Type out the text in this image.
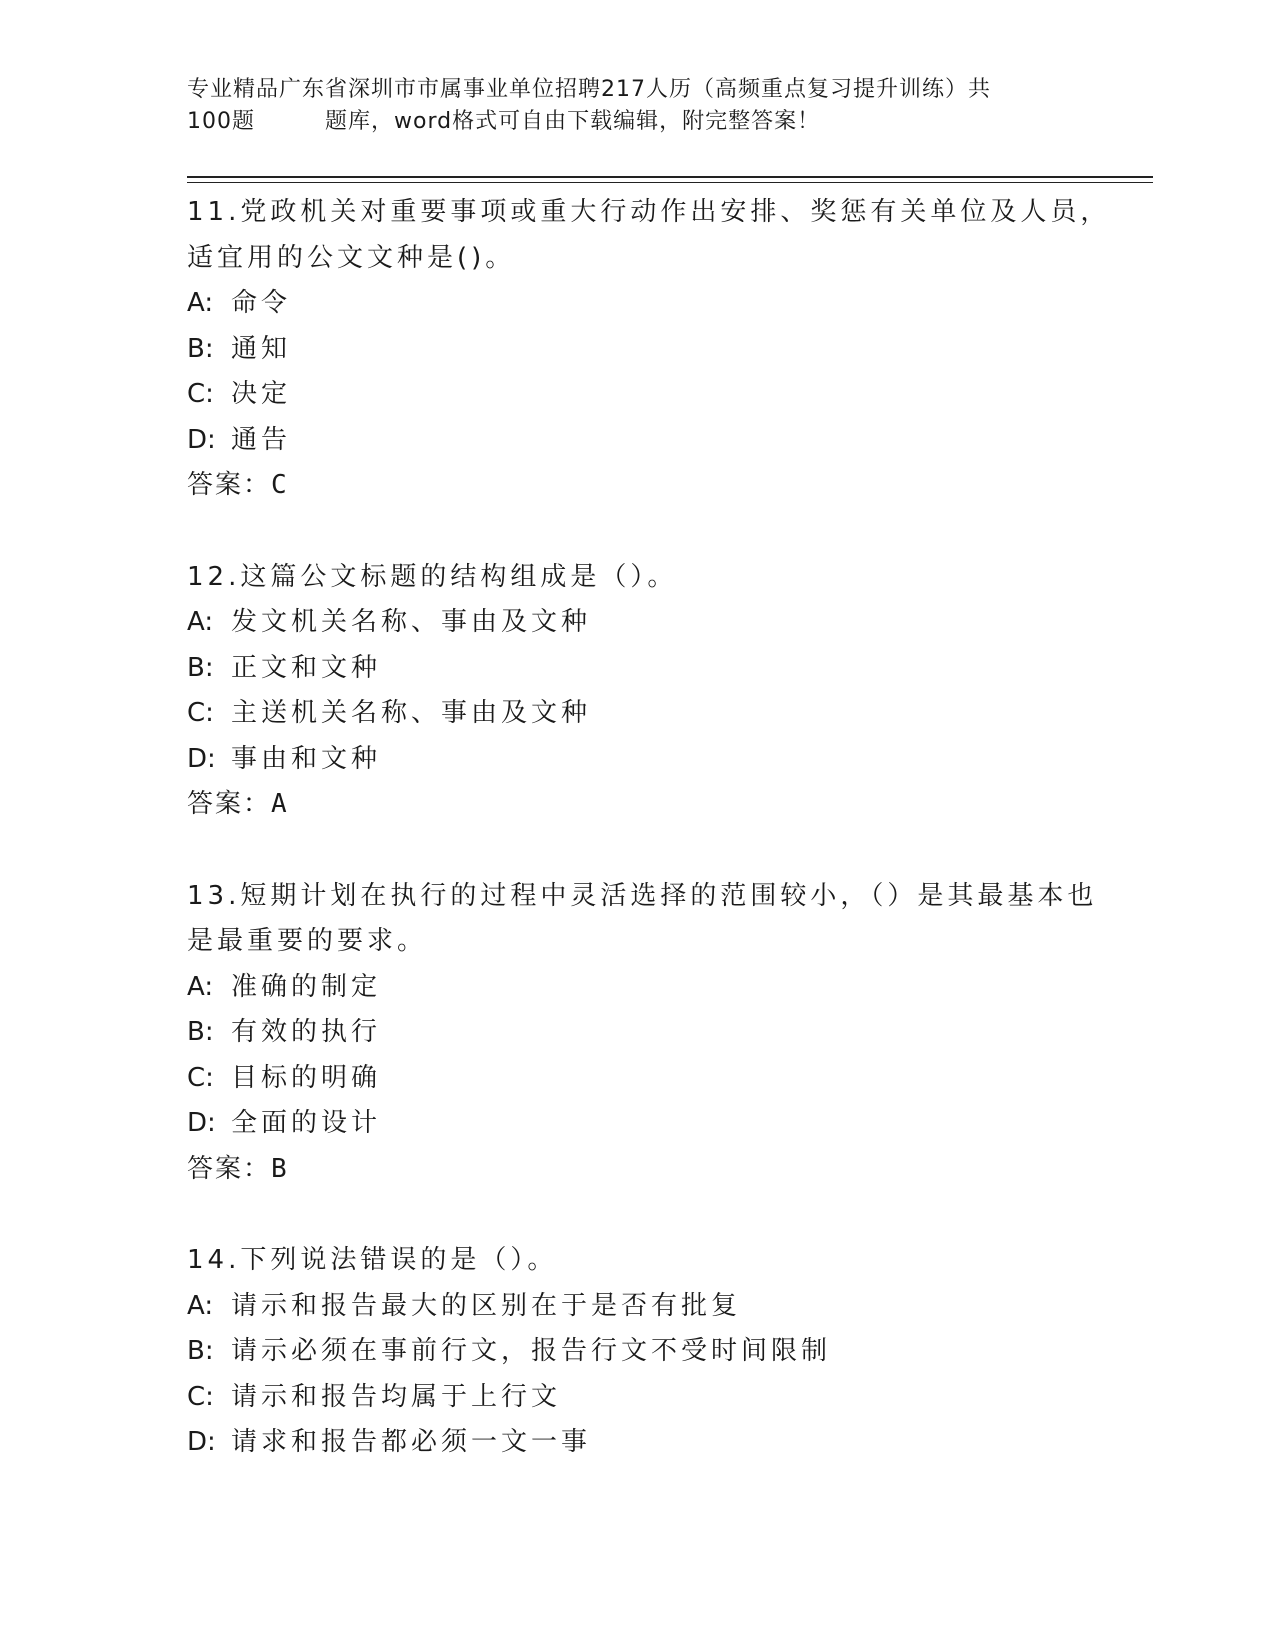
专业精品广东省深圳市市属事业单位招聘217人历（高频重点复习提升训练）共
100题	题库，word格式可自由下载编辑，附完整答案！
11.党政机关对重要事项或重大行动作出安排、奖惩有关单位及人员，
适宜用的公文文种是()。
A: 命令
B: 通知
C: 决定
D: 通告
答案：C
12.这篇公文标题的结构组成是（）。
A: 发文机关名称、事由及文种
B: 正文和文种
C: 主送机关名称、事由及文种
D: 事由和文种
答案：A
13.短期计划在执行的过程中灵活选择的范围较小，（）是其最基本也
是最重要的要求。
A: 准确的制定
B: 有效的执行
C: 目标的明确
D: 全面的设计
答案：B
14.下列说法错误的是（）。
A: 请示和报告最大的区别在于是否有批复
B: 请示必须在事前行文，报告行文不受时间限制
C: 请示和报告均属于上行文
D: 请求和报告都必须一文一事
